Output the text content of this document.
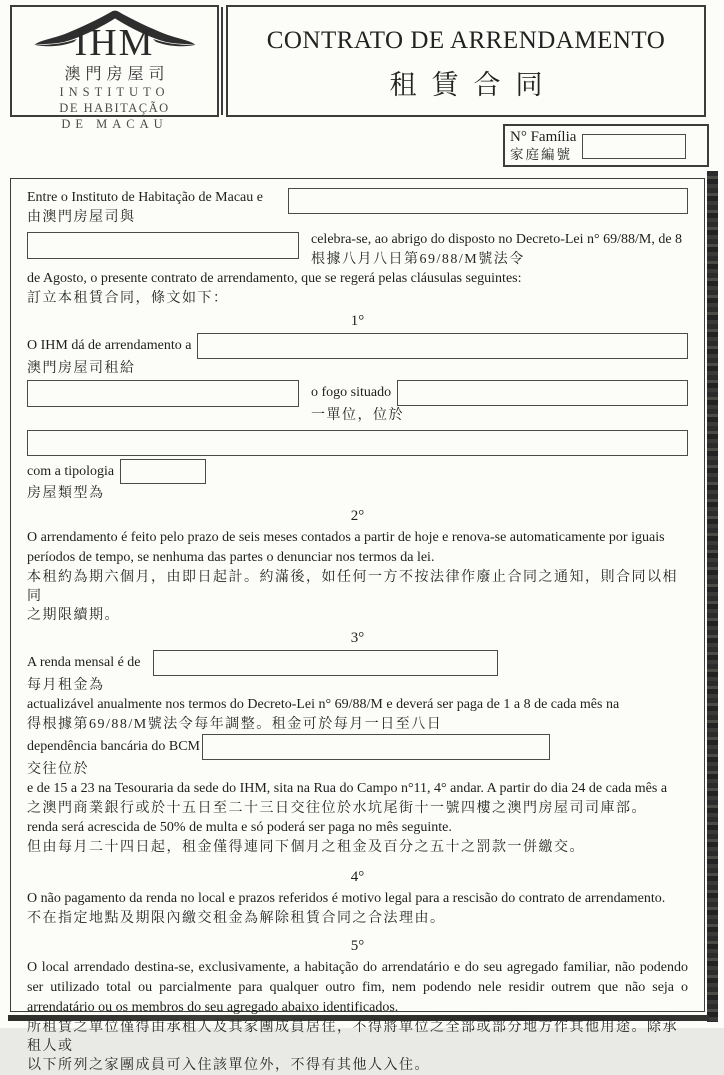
IHM
澳門房屋司
INSTITUTO
DE HABITAÇÃO
DE MACAU
CONTRATO DE ARRENDAMENTO
租賃合同
N° Família
家庭編號
Entre o Instituto de Habitação de Macau e
由澳門房屋司與
celebra-se, ao abrigo do disposto no Decreto-Lei n° 69/88/M, de 8
根據八月八日第69/88/M號法令
de Agosto, o presente contrato de arrendamento, que se regerá pelas cláusulas seguintes:
訂立本租賃合同，條文如下：
1°
O IHM dá de arrendamento a
澳門房屋司租給
o fogo situado
一單位，位於
com a tipologia
房屋類型為
2°
O arrendamento é feito pelo prazo de seis meses contados a partir de hoje e renova-se automaticamente por iguais períodos de tempo, se nenhuma das partes o denunciar nos termos da lei.
本租約為期六個月，由即日起計。約滿後，如任何一方不按法律作廢止合同之通知，則合同以相同
之期限續期。
3°
A renda mensal é de
每月租金為
actualizável anualmente nos termos do Decreto-Lei n° 69/88/M e deverá ser paga de 1 a 8 de cada mês na
得根據第69/88/M號法令每年調整。租金可於每月一日至八日
dependência bancária do BCM
交往位於
e de 15 a 23 na Tesouraria da sede do IHM, sita na Rua do Campo n°11, 4° andar. A partir do dia 24 de cada mês a
之澳門商業銀行或於十五日至二十三日交往位於水坑尾街十一號四樓之澳門房屋司司庫部。
renda será acrescida de 50% de multa e só poderá ser paga no mês seguinte.
但由每月二十四日起，租金僅得連同下個月之租金及百分之五十之罰款一併繳交。
4°
O não pagamento da renda no local e prazos referidos é motivo legal para a rescisão do contrato de arrendamento.
不在指定地點及期限內繳交租金為解除租賃合同之合法理由。
5°
O local arrendado destina-se, exclusivamente, a habitação do arrendatário e do seu agregado familiar, não podendo ser utilizado total ou parcialmente para qualquer outro fim, nem podendo nele residir outrem que não seja o arrendatário ou os membros do seu agregado abaixo identificados.
所租賃之單位僅得由承租人及其家團成員居住，不得將單位之全部或部分地方作其他用途。除承租人或
以下所列之家團成員可入住該單位外，不得有其他人入住。
